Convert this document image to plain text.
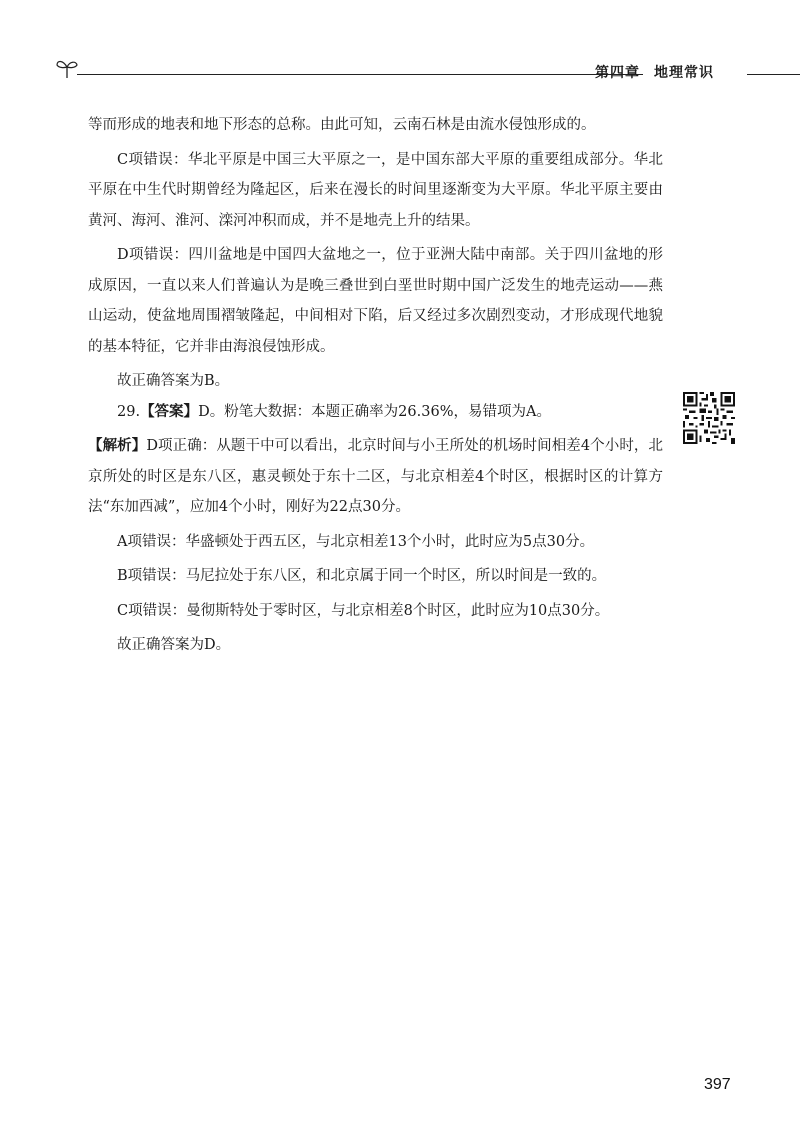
第四章 地理常识

等而形成的地表和地下形态的总称。由此可知，云南石林是由流水侵蚀形成的。

C项错误：华北平原是中国三大平原之一，是中国东部大平原的重要组成部分。华北平原在中生代时期曾经为隆起区，后来在漫长的时间里逐渐变为大平原。华北平原主要由黄河、海河、淮河、滦河冲积而成，并不是地壳上升的结果。

D项错误：四川盆地是中国四大盆地之一，位于亚洲大陆中南部。关于四川盆地的形成原因，一直以来人们普遍认为是晚三叠世到白垩世时期中国广泛发生的地壳运动——燕山运动，使盆地周围褶皱隆起，中间相对下陷，后又经过多次剧烈变动，才形成现代地貌的基本特征，它并非由海浪侵蚀形成。

故正确答案为B。

29.【答案】D。粉笔大数据：本题正确率为26.36%，易错项为A。

【解析】D项正确：从题干中可以看出，北京时间与小王所处的机场时间相差4个小时，北京所处的时区是东八区，惠灵顿处于东十二区，与北京相差4个时区，根据时区的计算方法“东加西减”，应加4个小时，刚好为22点30分。

A项错误：华盛顿处于西五区，与北京相差13个小时，此时应为5点30分。

B项错误：马尼拉处于东八区，和北京属于同一个时区，所以时间是一致的。

C项错误：曼彻斯特处于零时区，与北京相差8个时区，此时应为10点30分。

故正确答案为D。

397
